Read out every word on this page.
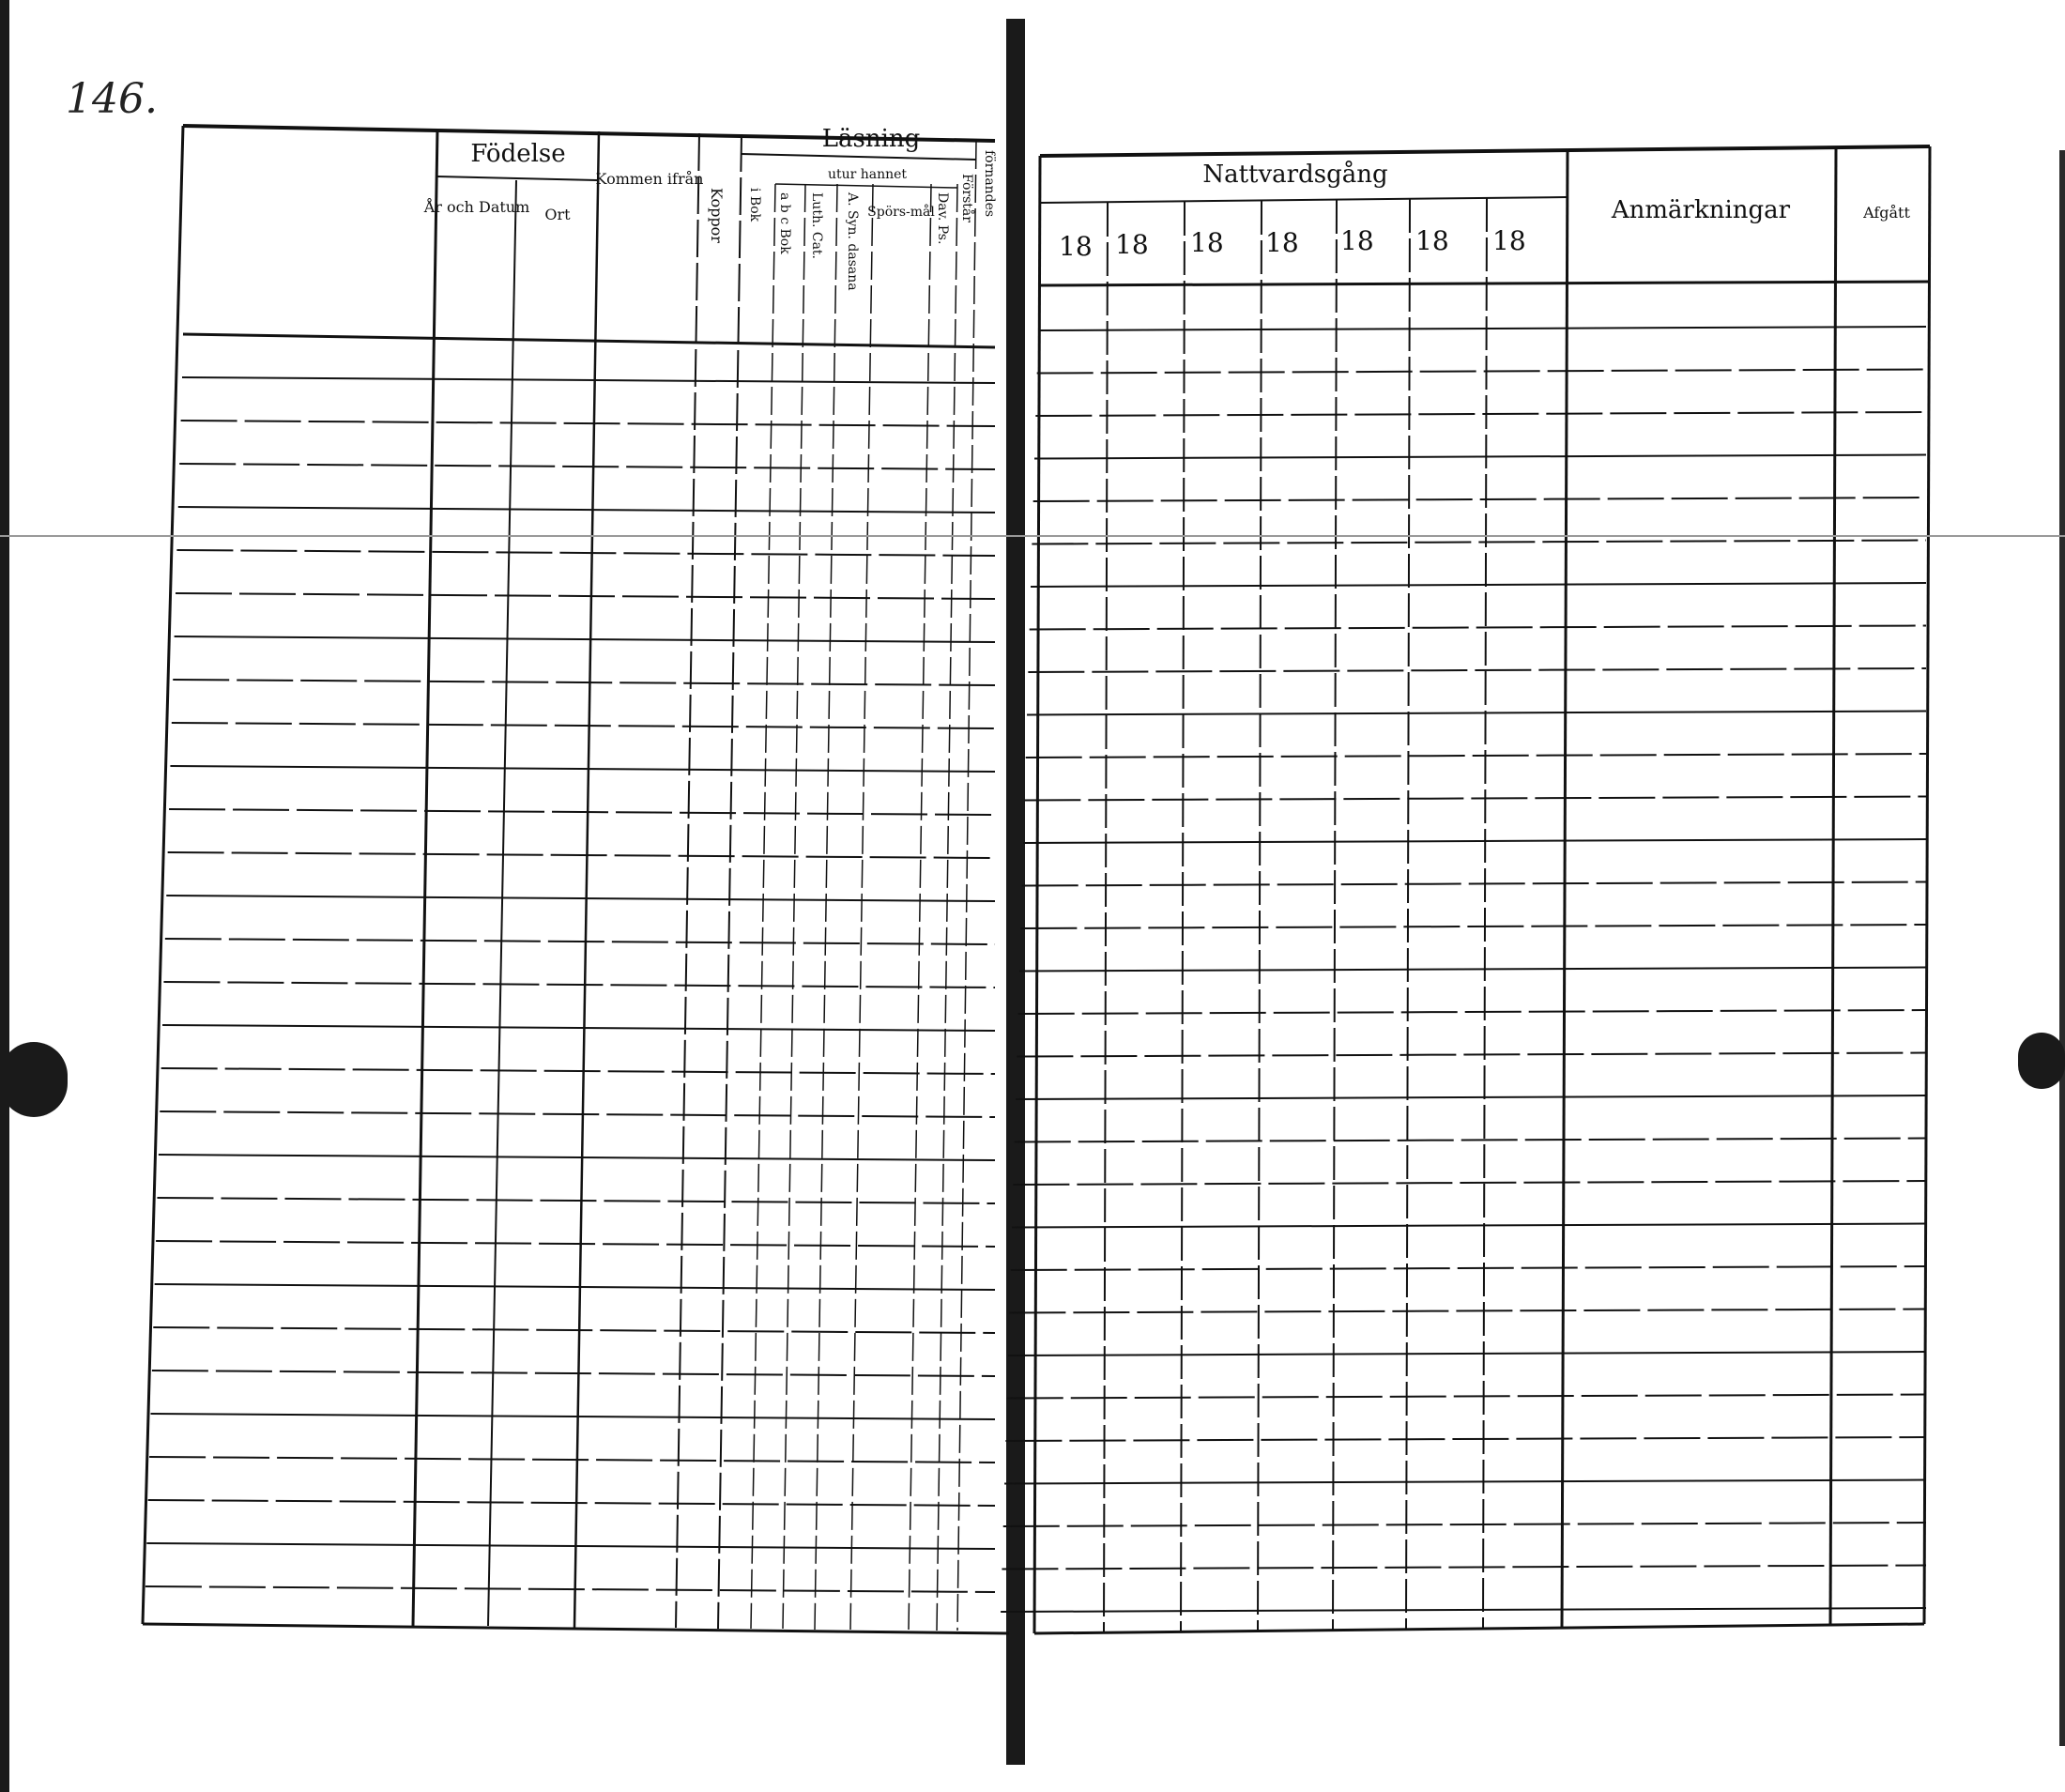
146.
Födelse
År och Datum Ort
Kommen ifrån
Koppor
Läsning
utur hannet
i Bok a b c Bok Luth. Cat. A. Syn. dasana Spörs-mål Dav. Ps. Förstår förnandes	Nattvardsgång
18 18 18 18 18 18 18
Anmärkningar	Afgått
